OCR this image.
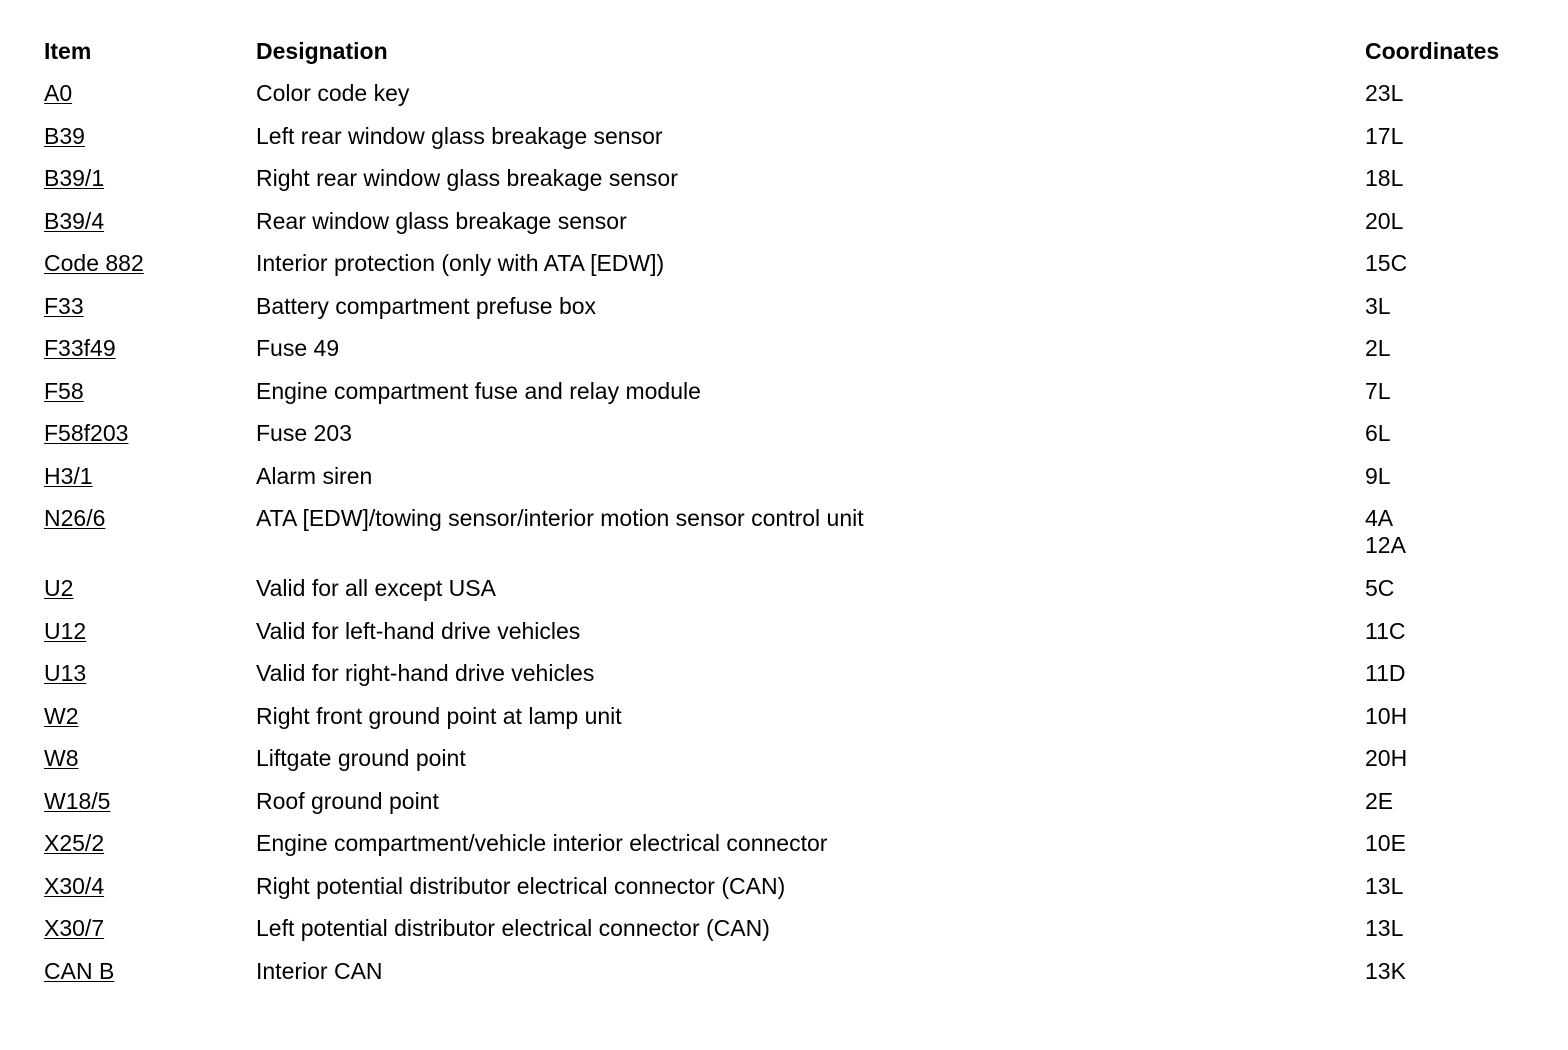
Item	Designation	Coordinates
A0	Color code key	23L
B39	Left rear window glass breakage sensor	17L
B39/1	Right rear window glass breakage sensor	18L
B39/4	Rear window glass breakage sensor	20L
Code 882	Interior protection (only with ATA [EDW])	15C
F33	Battery compartment prefuse box	3L
F33f49	Fuse 49	2L
F58	Engine compartment fuse and relay module	7L
F58f203	Fuse 203	6L
H3/1	Alarm siren	9L
N26/6	ATA [EDW]/towing sensor/interior motion sensor control unit	4A
12A
U2	Valid for all except USA	5C
U12	Valid for left-hand drive vehicles	11C
U13	Valid for right-hand drive vehicles	11D
W2	Right front ground point at lamp unit	10H
W8	Liftgate ground point	20H
W18/5	Roof ground point	2E
X25/2	Engine compartment/vehicle interior electrical connector	10E
X30/4	Right potential distributor electrical connector (CAN)	13L
X30/7	Left potential distributor electrical connector (CAN)	13L
CAN B	Interior CAN	13K
